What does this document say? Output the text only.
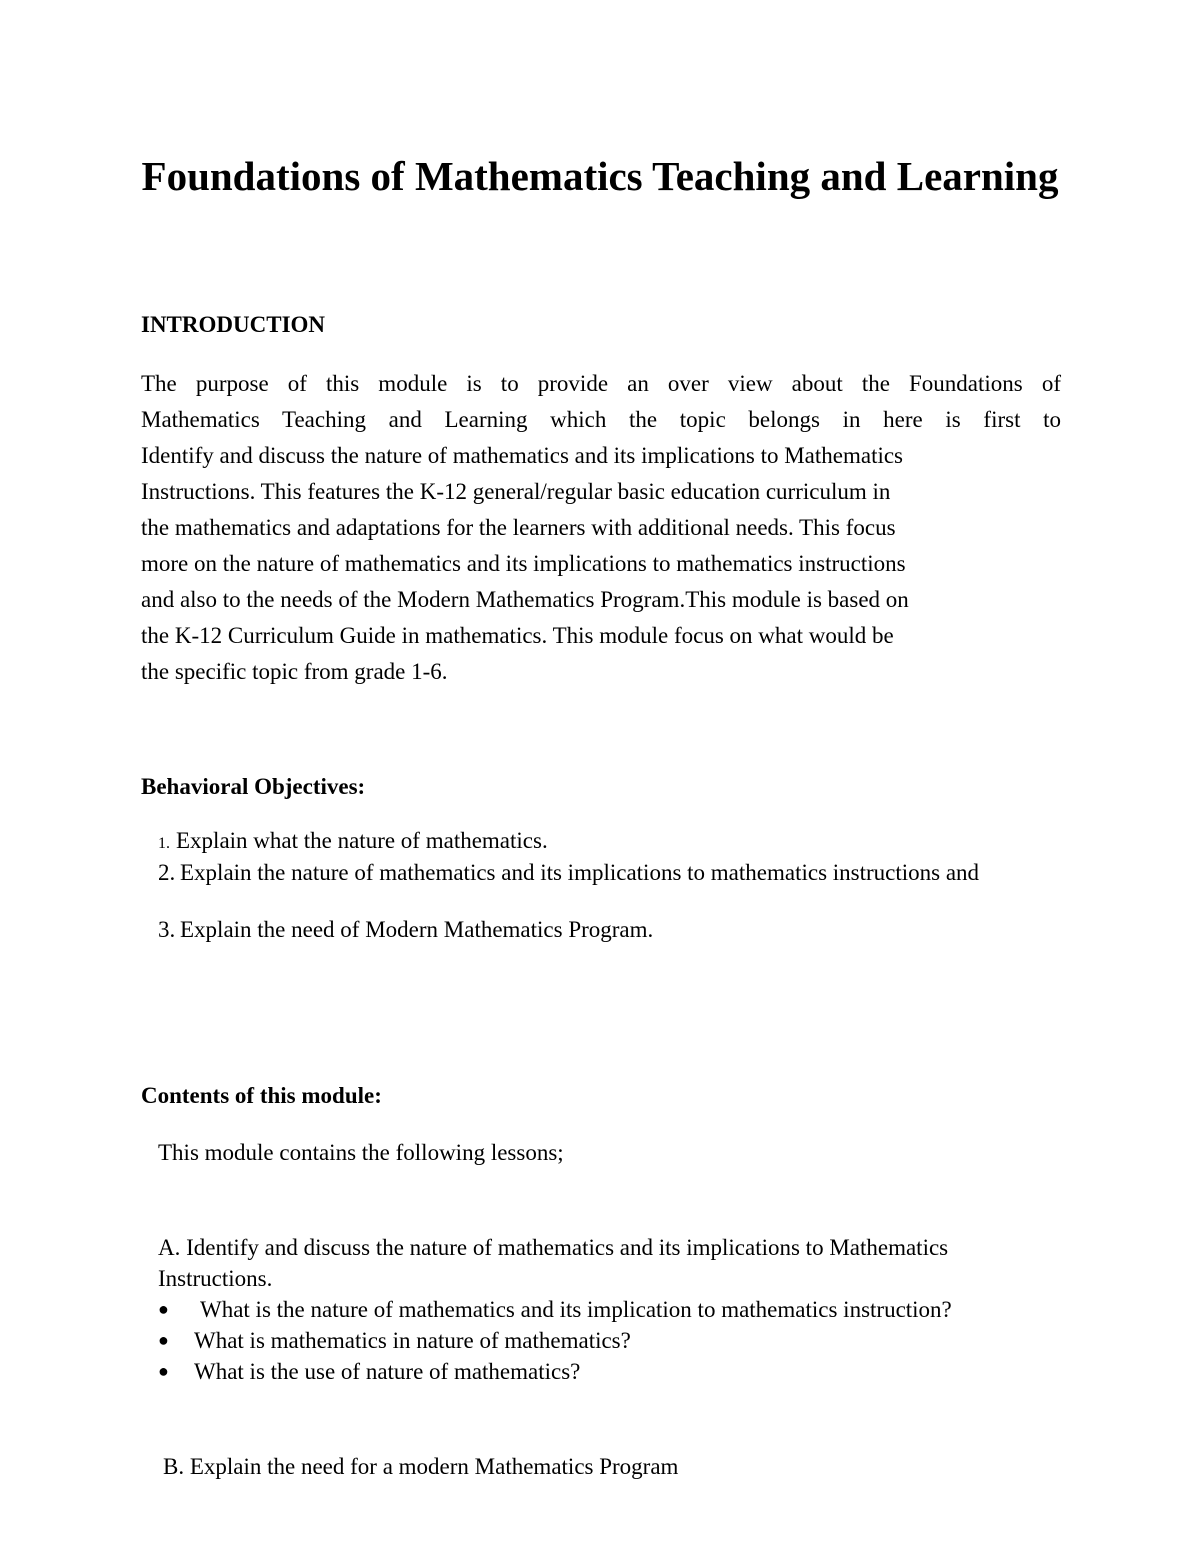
Foundations of Mathematics Teaching and Learning
INTRODUCTION
The purpose of this module is to provide an over view about the Foundations of
Mathematics Teaching and Learning which the topic belongs in here is first to
Identify and discuss the nature of mathematics and its implications to Mathematics
Instructions. This features the K-12 general/regular basic education curriculum in
the mathematics and adaptations for the learners with additional needs. This focus
more on the nature of mathematics and its implications to mathematics instructions
and also to the needs of the Modern Mathematics Program.This module is based on
the K-12 Curriculum Guide in mathematics. This module focus on what would be
the specific topic from grade 1-6.
Behavioral Objectives:

1. Explain what the nature of mathematics.

2. Explain the nature of mathematics and its implications to mathematics instructions and

3. Explain the need of Modern Mathematics Program.

Contents of this module:

This module contains the following lessons;

A. Identify and discuss the nature of mathematics and its implications to Mathematics
Instructions.

● What is the nature of mathematics and its implication to mathematics instruction?
● What is mathematics in nature of mathematics?
● What is the use of nature of mathematics?

B. Explain the need for a modern Mathematics Program
